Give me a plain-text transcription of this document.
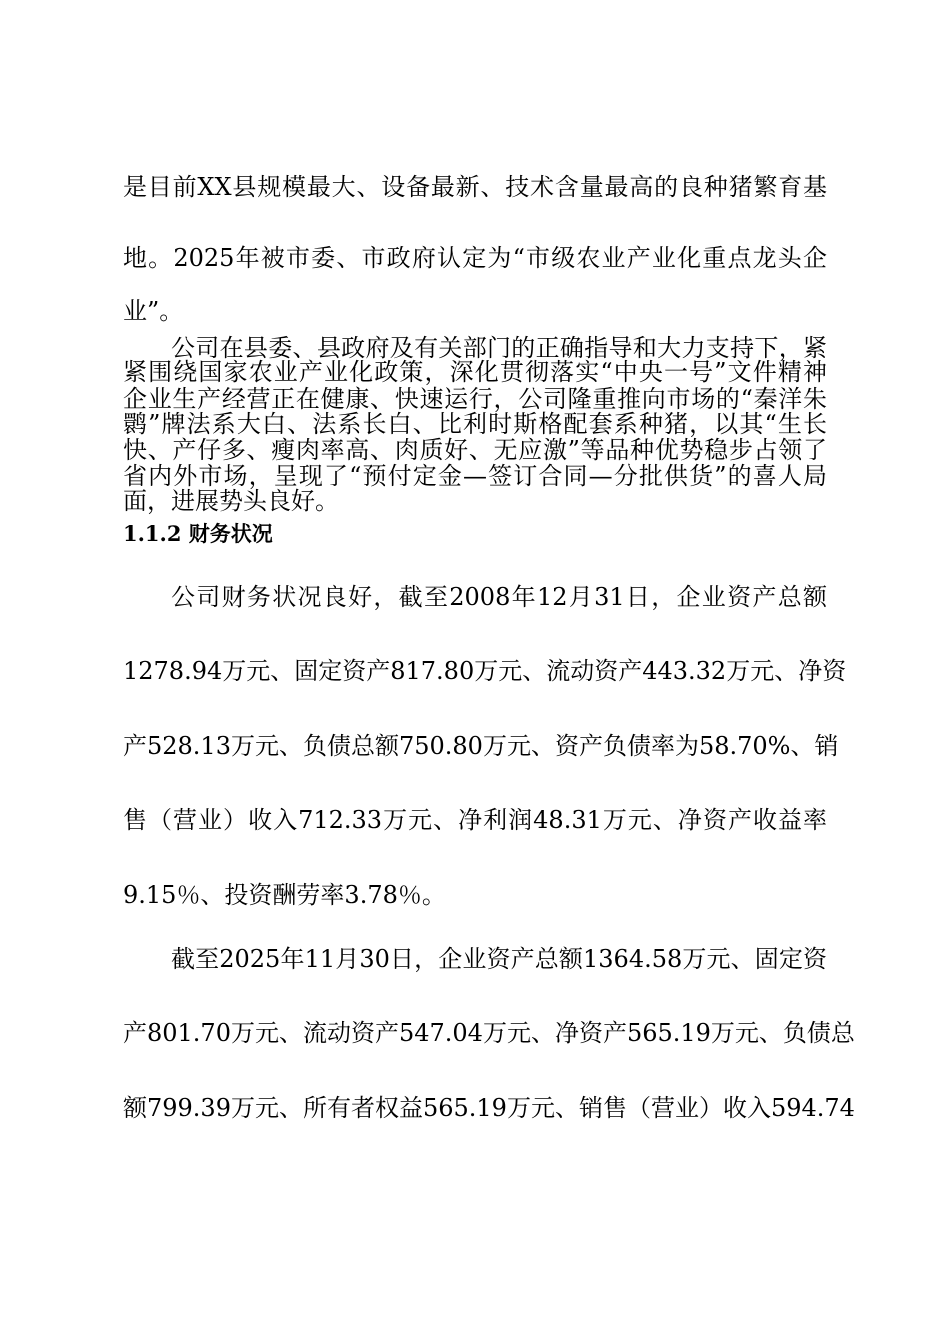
是目前XX县规模最大、设备最新、技术含量最高的良种猪繁育基
地。2025年被市委、市政府认定为“市级农业产业化重点龙头企
业”。
公司在县委、县政府及有关部门的正确指导和大力支持下，紧
紧围绕国家农业产业化政策，深化贯彻落实“中央一号”文件精神
企业生产经营正在健康、快速运行，公司隆重推向市场的“秦洋朱
鹮”牌法系大白、法系长白、比利时斯格配套系种猪，以其“生长
快、产仔多、瘦肉率高、肉质好、无应激”等品种优势稳步占领了
省内外市场，呈现了“预付定金—签订合同—分批供货”的喜人局
面，进展势头良好。
1.1.2 财务状况
公司财务状况良好，截至2008年12月31日，企业资产总额
1278.94万元、固定资产817.80万元、流动资产443.32万元、净资
产528.13万元、负债总额750.80万元、资产负债率为58.70%、销
售（营业）收入712.33万元、净利润48.31万元、净资产收益率
9.15％、投资酬劳率3.78％。
截至2025年11月30日，企业资产总额1364.58万元、固定资
产801.70万元、流动资产547.04万元、净资产565.19万元、负债总
额799.39万元、所有者权益565.19万元、销售（营业）收入594.74
